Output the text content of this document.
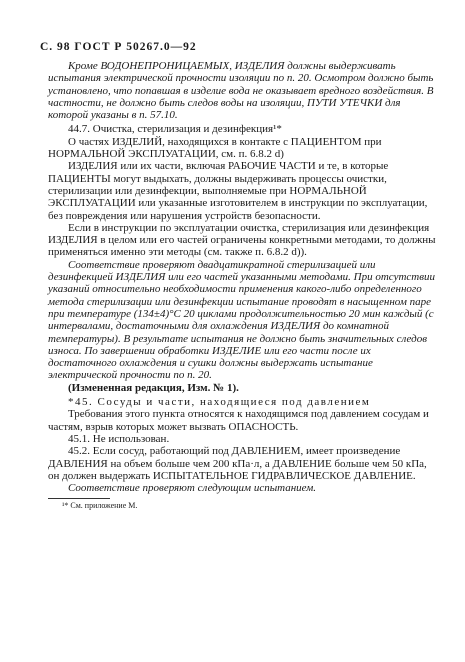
С. 98 ГОСТ Р 50267.0—92

Кроме ВОДОНЕПРОНИЦАЕМЫХ, ИЗДЕЛИЯ должны выдерживать испытания электрической прочности изоляции по п. 20. Осмотром должно быть установлено, что попавшая в изделие вода не оказывает вредного воздействия. В частности, не должно быть следов воды на изоляции, ПУТИ УТЕЧКИ для которой указаны в п. 57.10.

44.7. Очистка, стерилизация и дезинфекция¹*

О частях ИЗДЕЛИЙ, находящихся в контакте с ПАЦИЕНТОМ при НОРМАЛЬНОЙ ЭКСПЛУАТАЦИИ, см. п. 6.8.2 d)

ИЗДЕЛИЯ или их части, включая РАБОЧИЕ ЧАСТИ и те, в которые ПАЦИЕНТЫ могут выдыхать, должны выдерживать процессы очистки, стерилизации или дезинфекции, выполняемые при НОРМАЛЬНОЙ ЭКСПЛУАТАЦИИ или указанные изготовителем в инструкции по эксплуатации, без повреждения или нарушения устройств безопасности.

Если в инструкции по эксплуатации очистка, стерилизация или дезинфекция ИЗДЕЛИЯ в целом или его частей ограничены конкретными методами, то должны применяться именно эти методы (см. также п. 6.8.2 d)).

Соответствие проверяют двадцатикратной стерилизацией или дезинфекцией ИЗДЕЛИЯ или его частей указанными методами. При отсутствии указаний относительно необходимости применения какого-либо определенного метода стерилизации или дезинфекции испытание проводят в насыщенном паре при температуре (134±4)°С 20 циклами продолжительностью 20 мин каждый (с интервалами, достаточными для охлаждения ИЗДЕЛИЯ до комнатной температуры). В результате испытания не должно быть значительных следов износа. По завершении обработки ИЗДЕЛИЕ или его части после их достаточного охлаждения и сушки должны выдержать испытание электрической прочности по п. 20.

(Измененная редакция, Изм. № 1).

*45. Сосуды и части, находящиеся под давлением

Требования этого пункта относятся к находящимся под давлением сосудам и частям, взрыв которых может вызвать ОПАСНОСТЬ.

45.1. Не использован.

45.2. Если сосуд, работающий под ДАВЛЕНИЕМ, имеет произведение ДАВЛЕНИЯ на объем больше чем 200 кПа·л, а ДАВЛЕНИЕ больше чем 50 кПа, он должен выдержать ИСПЫТАТЕЛЬНОЕ ГИДРАВЛИЧЕСКОЕ ДАВЛЕНИЕ.

Соответствие проверяют следующим испытанием.

¹* См. приложение М.
